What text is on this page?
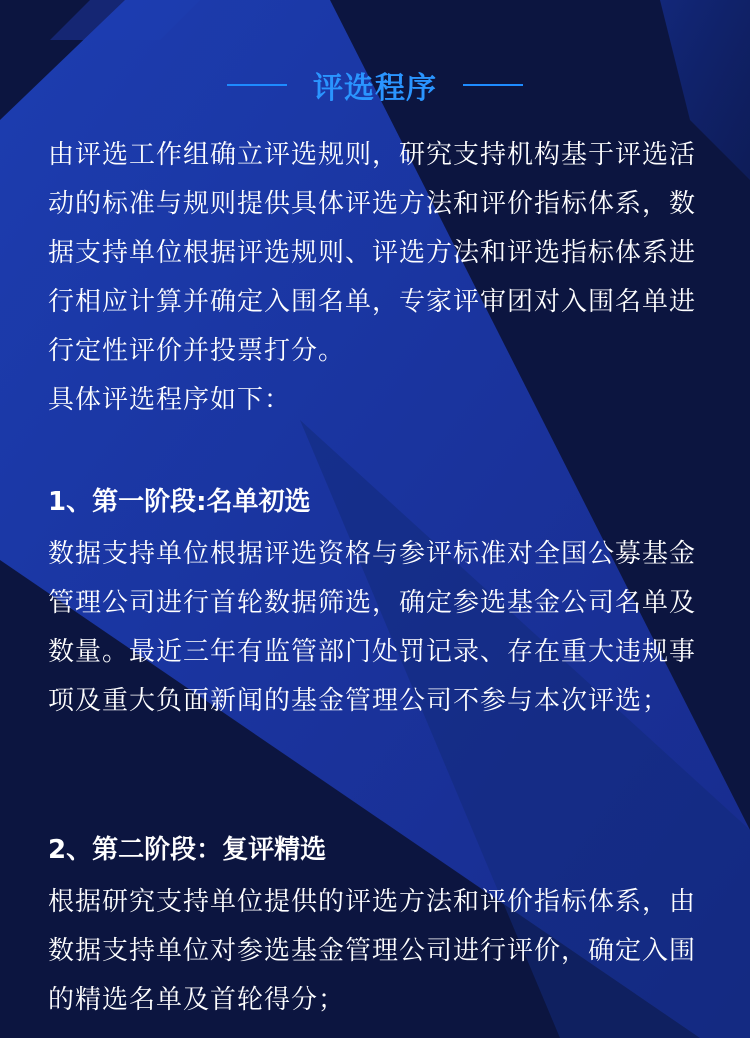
评选程序

由评选工作组确立评选规则，研究支持机构基于评选活动的标准与规则提供具体评选方法和评价指标体系，数据支持单位根据评选规则、评选方法和评选指标体系进行相应计算并确定入围名单，专家评审团对入围名单进行定性评价并投票打分。

具体评选程序如下：

1、第一阶段:名单初选

数据支持单位根据评选资格与参评标准对全国公募基金管理公司进行首轮数据筛选，确定参选基金公司名单及数量。最近三年有监管部门处罚记录、存在重大违规事项及重大负面新闻的基金管理公司不参与本次评选；

2、第二阶段：复评精选

根据研究支持单位提供的评选方法和评价指标体系，由数据支持单位对参选基金管理公司进行评价，确定入围的精选名单及首轮得分；
